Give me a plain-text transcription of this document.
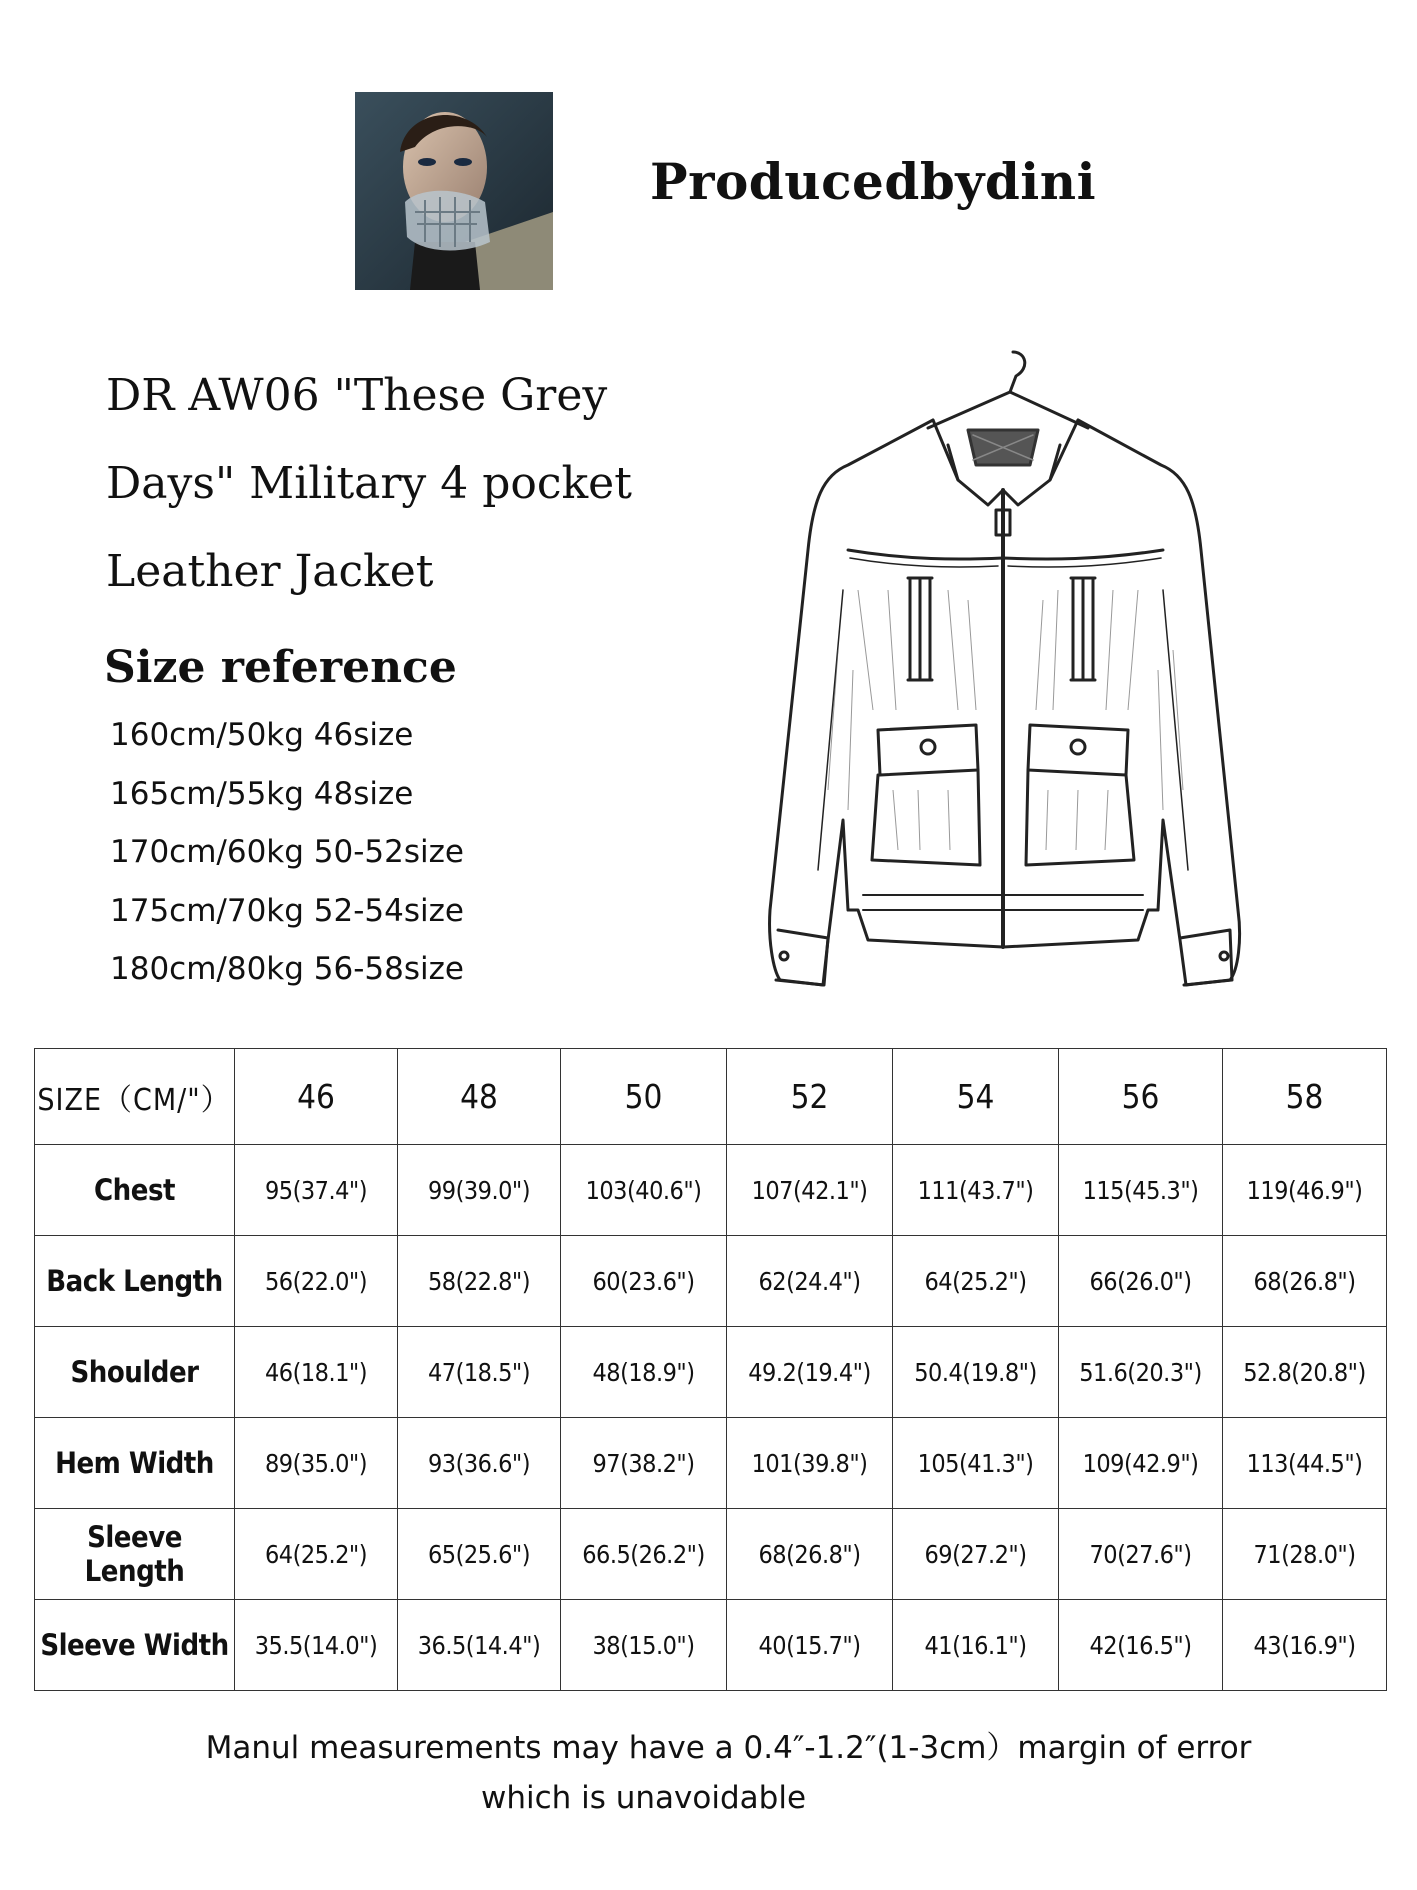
Producedbydini
DR AW06 "These Grey
Days" Military 4 pocket
Leather Jacket
Size reference
160cm/50kg 46size
165cm/55kg 48size
170cm/60kg 50-52size
175cm/70kg 52-54size
180cm/80kg 56-58size
SIZE（CM/"）	46	48	50	52	54	56	58
Chest	95(37.4")	99(39.0")	103(40.6")	107(42.1")	111(43.7")	115(45.3")	119(46.9")
Back Length	56(22.0")	58(22.8")	60(23.6")	62(24.4")	64(25.2")	66(26.0")	68(26.8")
Shoulder	46(18.1")	47(18.5")	48(18.9")	49.2(19.4")	50.4(19.8")	51.6(20.3")	52.8(20.8")
Hem Width	89(35.0")	93(36.6")	97(38.2")	101(39.8")	105(41.3")	109(42.9")	113(44.5")
Sleeve Length	64(25.2")	65(25.6")	66.5(26.2")	68(26.8")	69(27.2")	70(27.6")	71(28.0")
Sleeve Width	35.5(14.0")	36.5(14.4")	38(15.0")	40(15.7")	41(16.1")	42(16.5")	43(16.9")
Manul measurements may have a 0.4″-1.2″(1-3cm）margin of error
which is unavoidable
